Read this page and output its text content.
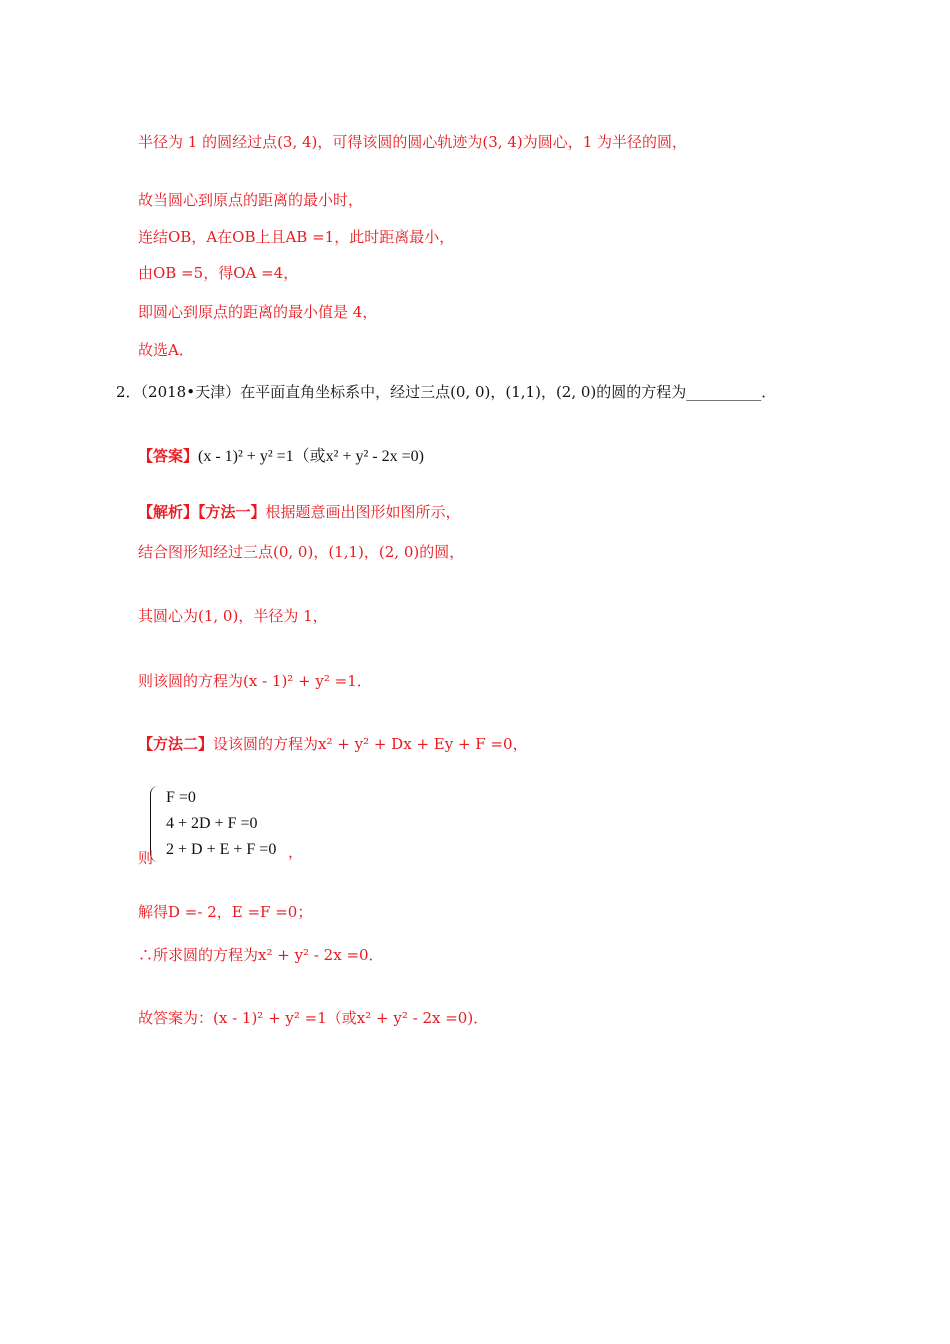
半径为 1 的圆经过点(3, 4)，可得该圆的圆心轨迹为(3, 4)为圆心，1 为半径的圆，
故当圆心到原点的距离的最小时，
连结OB，A在OB上且AB =1，此时距离最小，
由OB =5，得OA =4，
即圆心到原点的距离的最小值是 4，
故选A．
2．（2018•天津）在平面直角坐标系中，经过三点(0, 0)，(1,1)，(2, 0)的圆的方程为__________．
【答案】(x - 1)² + y² =1（或x² + y² - 2x =0)
【解析】【方法一】根据题意画出图形如图所示，
结合图形知经过三点(0, 0)，(1,1)，(2, 0)的圆，
其圆心为(1, 0)，半径为 1，
则该圆的方程为(x - 1)² + y² =1．
【方法二】设该圆的方程为x² + y² + Dx + Ey + F =0，
F =0
4 + 2D + F =0
2 + D + E + F =0
则	，
解得D =- 2，E =F =0；
∴所求圆的方程为x² + y² - 2x =0．
故答案为：(x - 1)² + y² =1（或x² + y² - 2x =0)．
